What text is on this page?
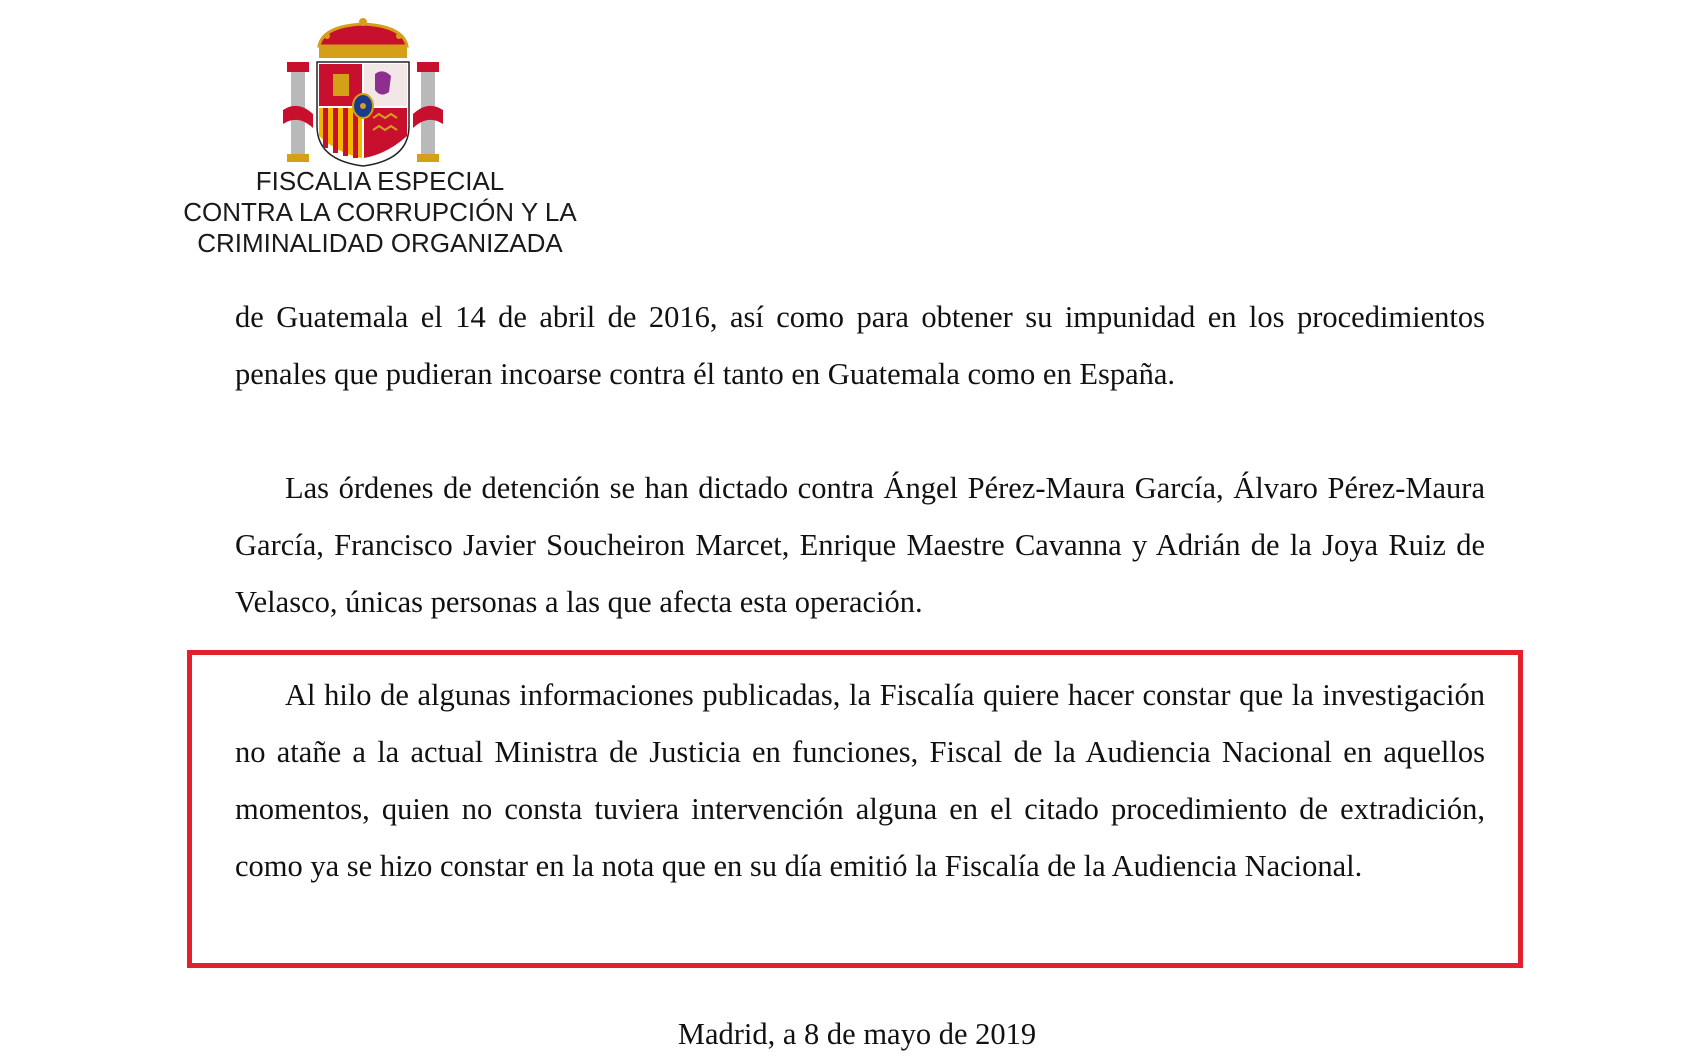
FISCALIA ESPECIAL
CONTRA LA CORRUPCIÓN Y LA
CRIMINALIDAD ORGANIZADA

de Guatemala el 14 de abril de 2016, así como para obtener su impunidad en los procedimientos penales que pudieran incoarse contra él tanto en Guatemala como en España.

Las órdenes de detención se han dictado contra Ángel Pérez-Maura García, Álvaro Pérez-Maura García, Francisco Javier Soucheiron Marcet, Enrique Maestre Cavanna y Adrián de la Joya Ruiz de Velasco, únicas personas a las que afecta esta operación.

Al hilo de algunas informaciones publicadas, la Fiscalía quiere hacer constar que la investigación no atañe a la actual Ministra de Justicia en funciones, Fiscal de la Audiencia Nacional en aquellos momentos, quien no consta tuviera intervención alguna en el citado procedimiento de extradición, como ya se hizo constar en la nota que en su día emitió la Fiscalía de la Audiencia Nacional.

Madrid, a 8 de mayo de 2019
